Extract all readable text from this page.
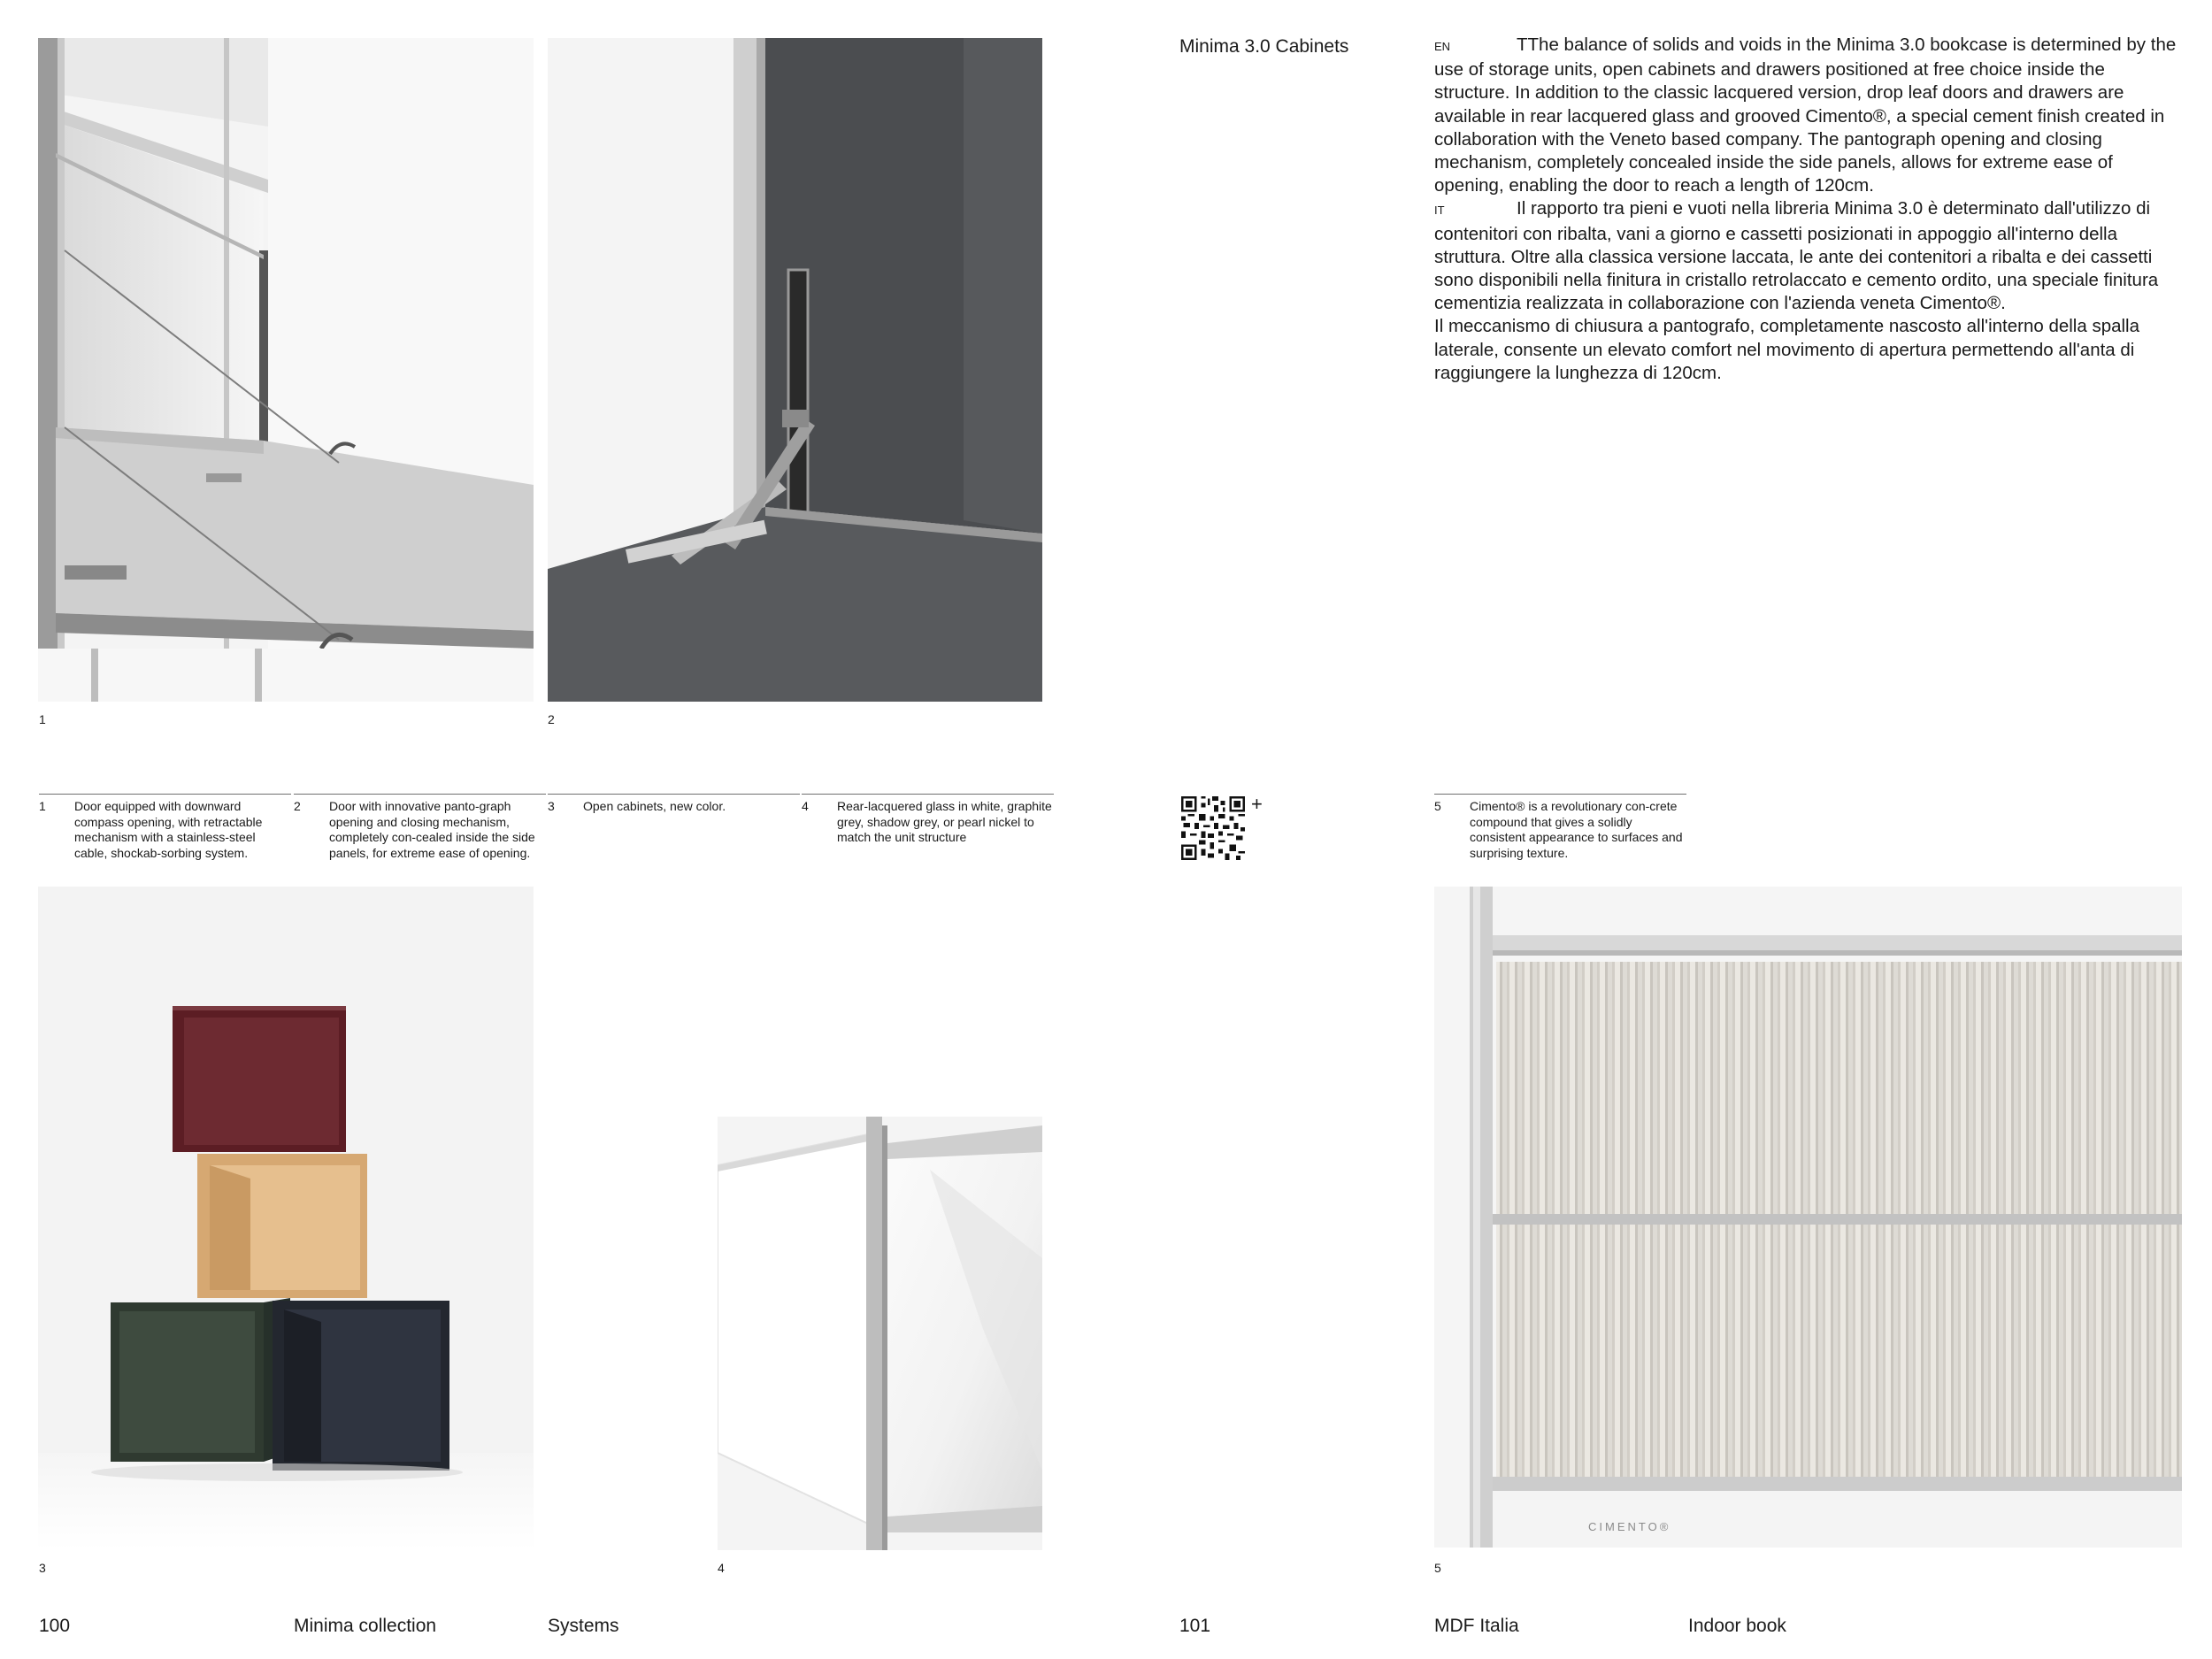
1	2
1 Door equipped with downward compass opening, with retractable mechanism with a stainless-steel cable, shockab-sorbing system.
2 Door with innovative panto-graph opening and closing mechanism, completely con-cealed inside the side panels, for extreme ease of opening.
3 Open cabinets, new color.	4 Rear-lacquered glass in white, graphite grey, shadow grey, or pearl nickel to match the unit structure
3	4
100	Minima collection	Systems
Minima 3.0 Cabinets	EN	TThe balance of solids and voids in the Minima 3.0 bookcase is determined by the use of storage units, open cabinets and drawers positioned at free choice inside the structure. In addition to the classic lacquered version, drop leaf doors and drawers are available in rear lacquered glass and grooved Cimento®, a special cement finish created in collaboration with the Veneto based company. The pantograph opening and closing mechanism, completely concealed inside the side panels, allows for extreme ease of opening, enabling the door to reach a length of 120cm.
IT	Il rapporto tra pieni e vuoti nella libreria Minima 3.0 è determinato dall'utilizzo di contenitori con ribalta, vani a giorno e cassetti posizionati in appoggio all'interno della struttura. Oltre alla classica versione laccata, le ante dei contenitori a ribalta e dei cassetti sono disponibili nella finitura in cristallo retrolaccato e cemento ordito, una speciale finitura cementizia realizzata in collaborazione con l'azienda veneta Cimento®.
Il meccanismo di chiusura a pantografo, completamente nascosto all'interno della spalla laterale, consente un elevato comfort nel movimento di apertura permettendo all'anta di raggiungere la lunghezza di 120cm.
+	5 Cimento® is a revolutionary con-crete compound that gives a solidly consistent appearance to surfaces and surprising texture.
CIMENTO®
5
101	MDF Italia	Indoor book
